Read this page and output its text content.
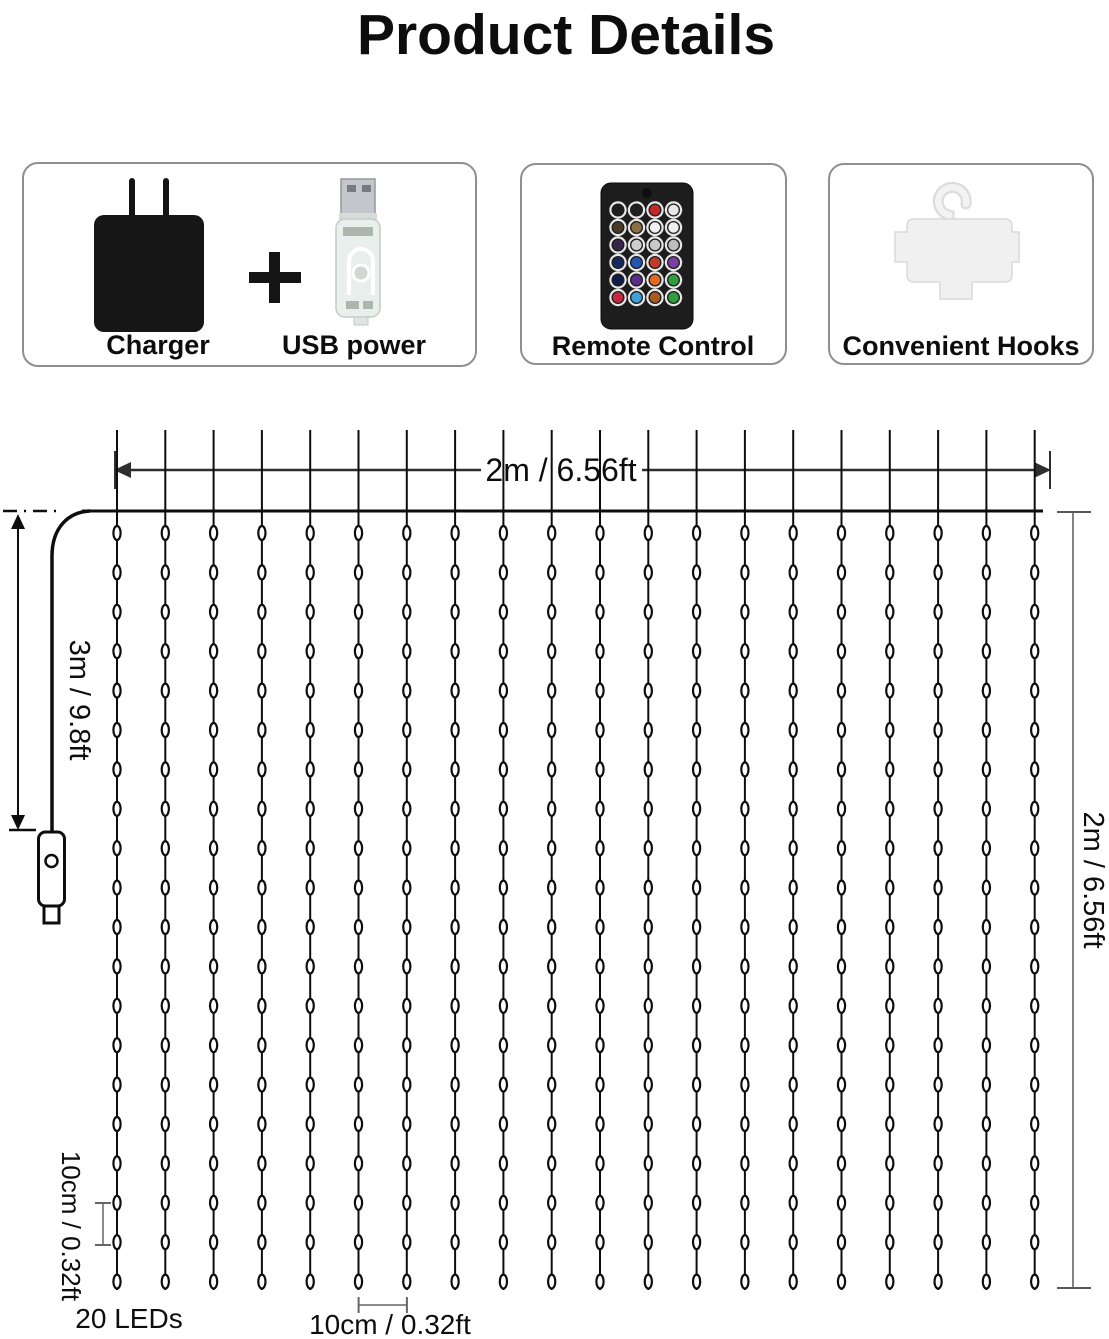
Product Details
Charger	USB power	Remote Control	Convenient Hooks
2m / 6.56ft
3m / 9.8ft
2m / 6.56ft
10cm / 0.32ft
10cm / 0.32ft
20 LEDs
